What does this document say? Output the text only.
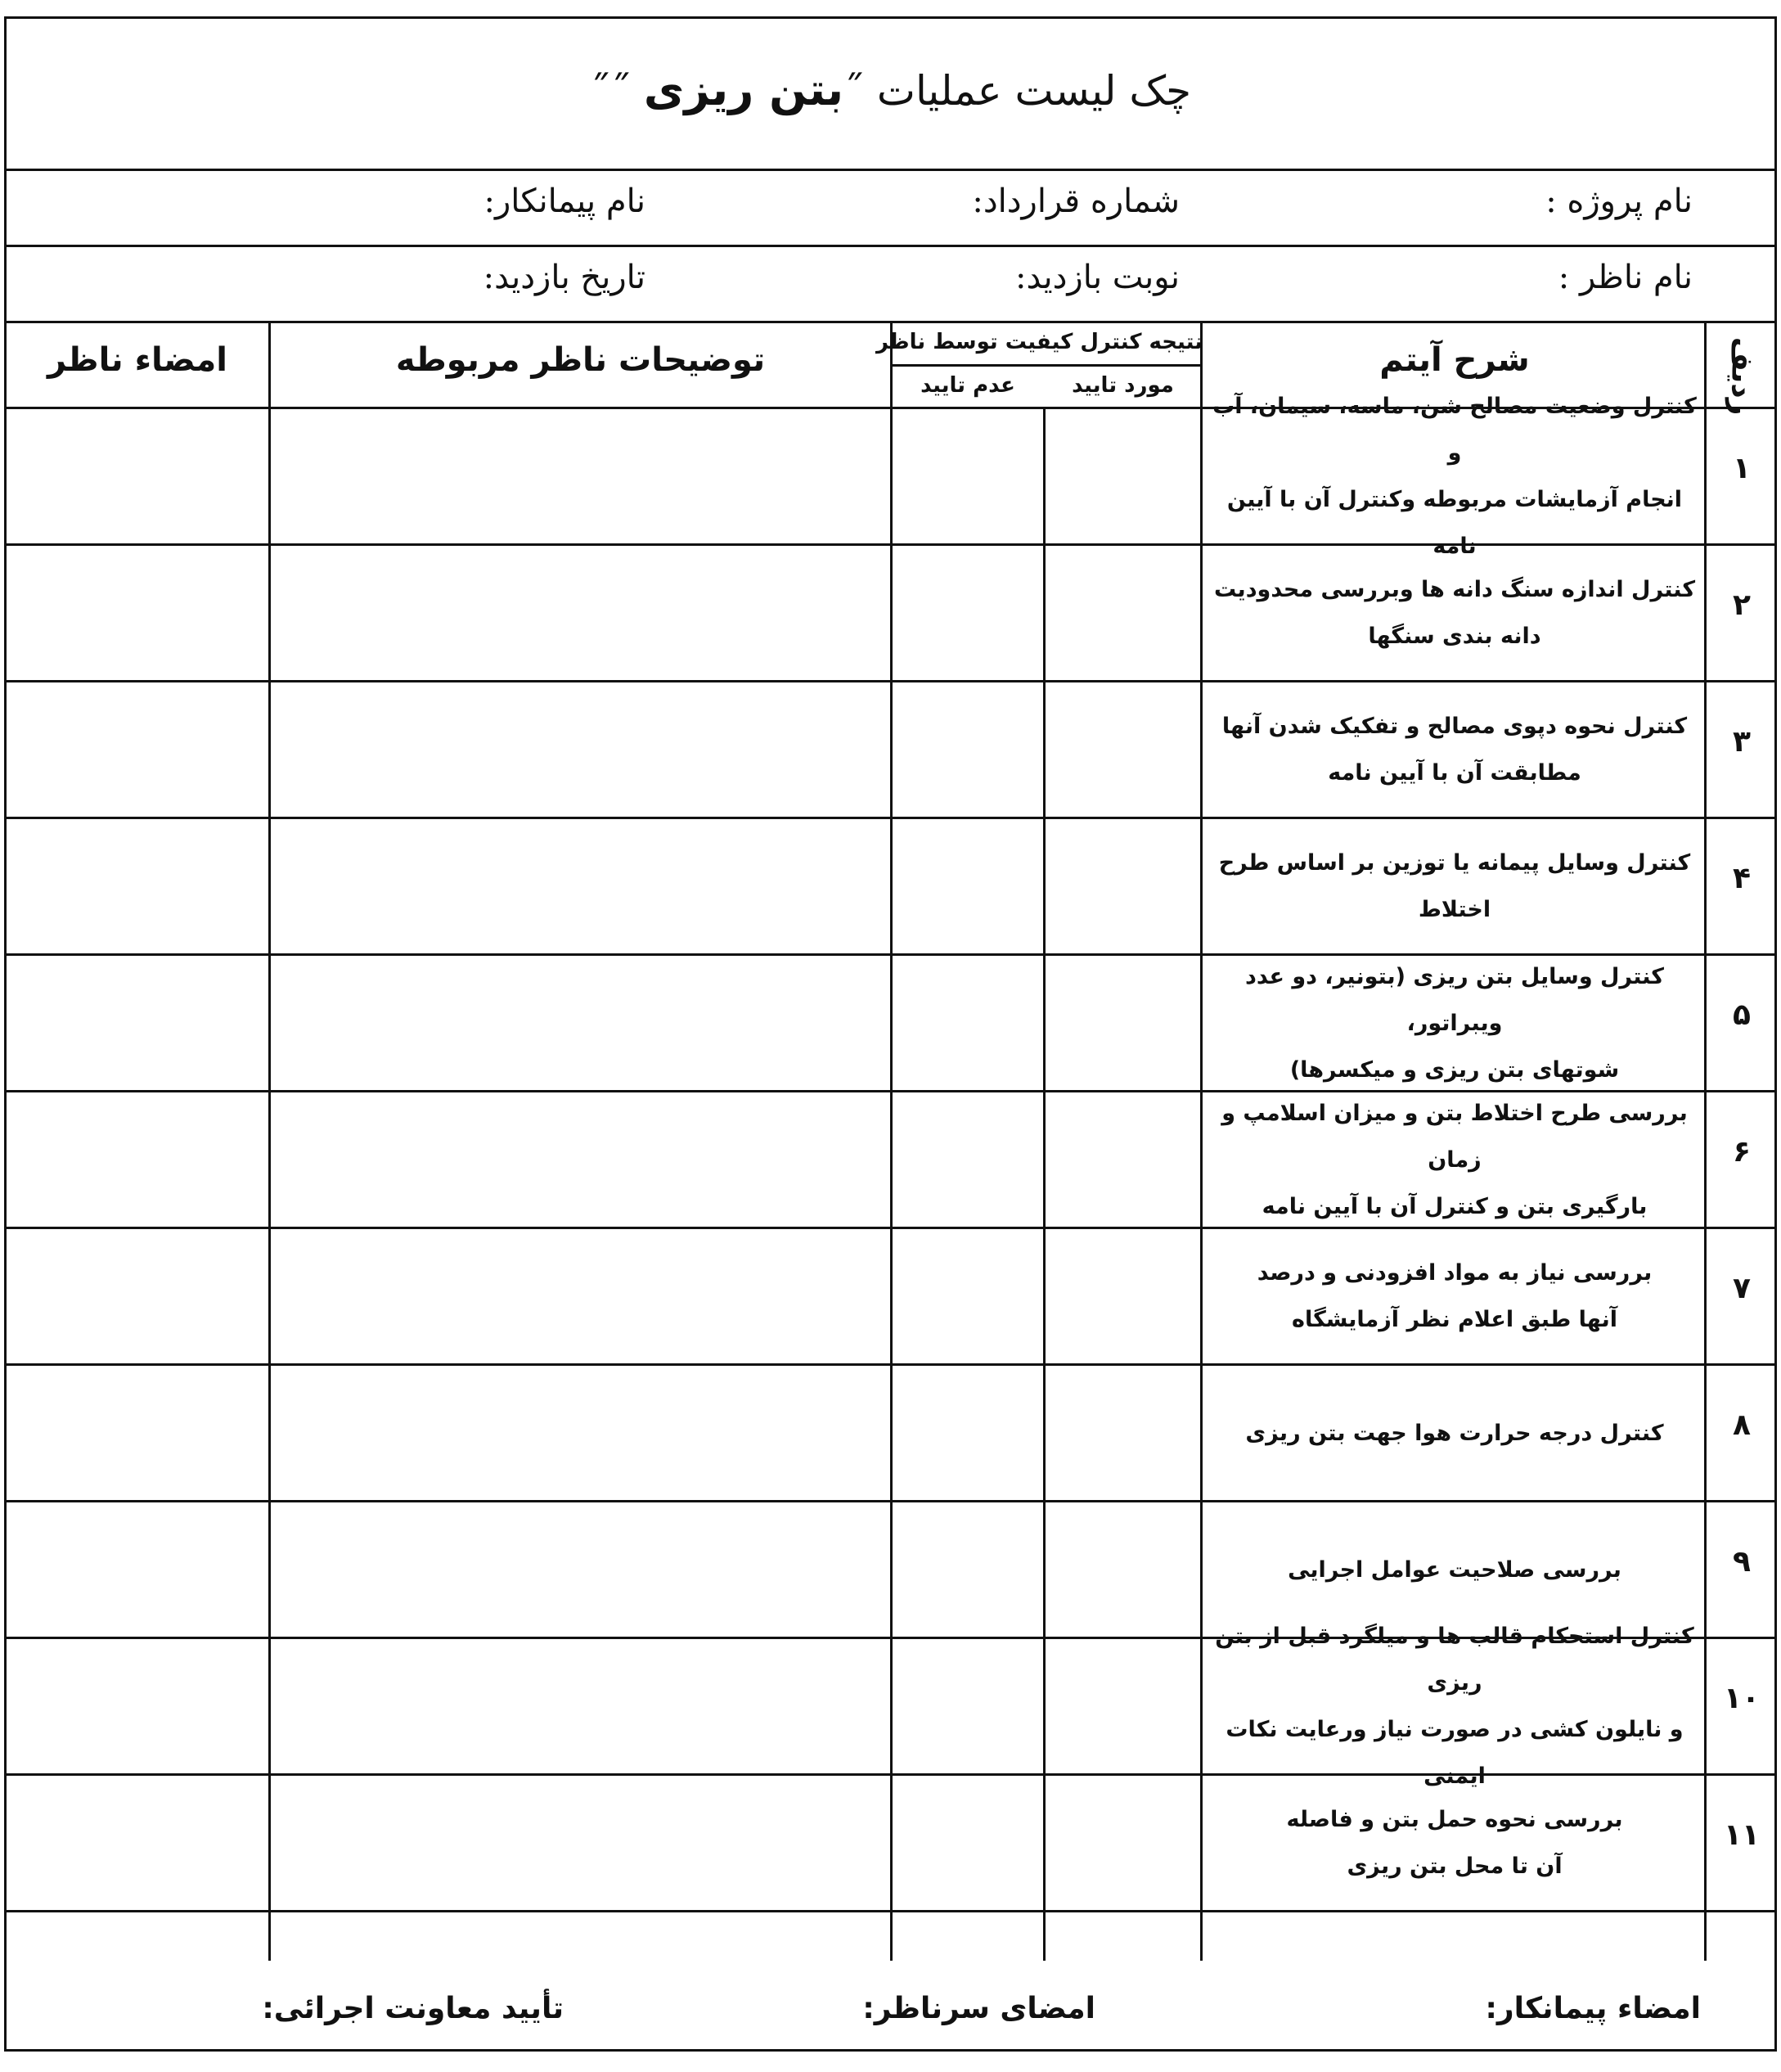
چک لیست عملیات ˝بتن ریزی ˝˝
نام پروژه :
شماره قرارداد:
نام پیمانکار:
نام ناظر :
نوبت بازدید:
تاریخ بازدید:
ردیف
شرح آیتم
نتیجه کنترل کیفیت توسط ناظر
مورد تایید
عدم تایید
توضیحات ناظر مربوطه
امضاء ناظر
۱
کنترل وضعیت مصالح شن، ماسه، سیمان، آب و
انجام آزمایشات مربوطه وکنترل آن با آیین نامه
۲
کنترل اندازه سنگ دانه ها وبررسی محدودیت
دانه بندی سنگها
۳
کنترل نحوه دپوی مصالح و تفکیک شدن آنها
مطابقت آن با آیین نامه
۴
کنترل وسایل پیمانه یا توزین بر اساس طرح اختلاط
۵
کنترل وسایل بتن ریزی (بتونیر، دو عدد ویبراتور،
شوتهای بتن ریزی و میکسرها)
۶
بررسی طرح اختلاط بتن و میزان اسلامپ و زمان
بارگیری بتن و کنترل آن با آیین نامه
۷
بررسی نیاز به مواد افزودنی و درصد
آنها طبق اعلام نظر آزمایشگاه
۸
کنترل درجه حرارت هوا جهت بتن ریزی
۹
بررسی صلاحیت عوامل اجرایی
۱۰
کنترل استحکام قالب ها و میلگرد قبل از بتن ریزی
و نایلون کشی در صورت نیاز ورعایت نکات ایمنی
۱۱
بررسی نحوه حمل بتن و فاصله
آن تا محل بتن ریزی
امضاء پیمانکار:
امضای سرناظر:
تأیید معاونت اجرائی:
